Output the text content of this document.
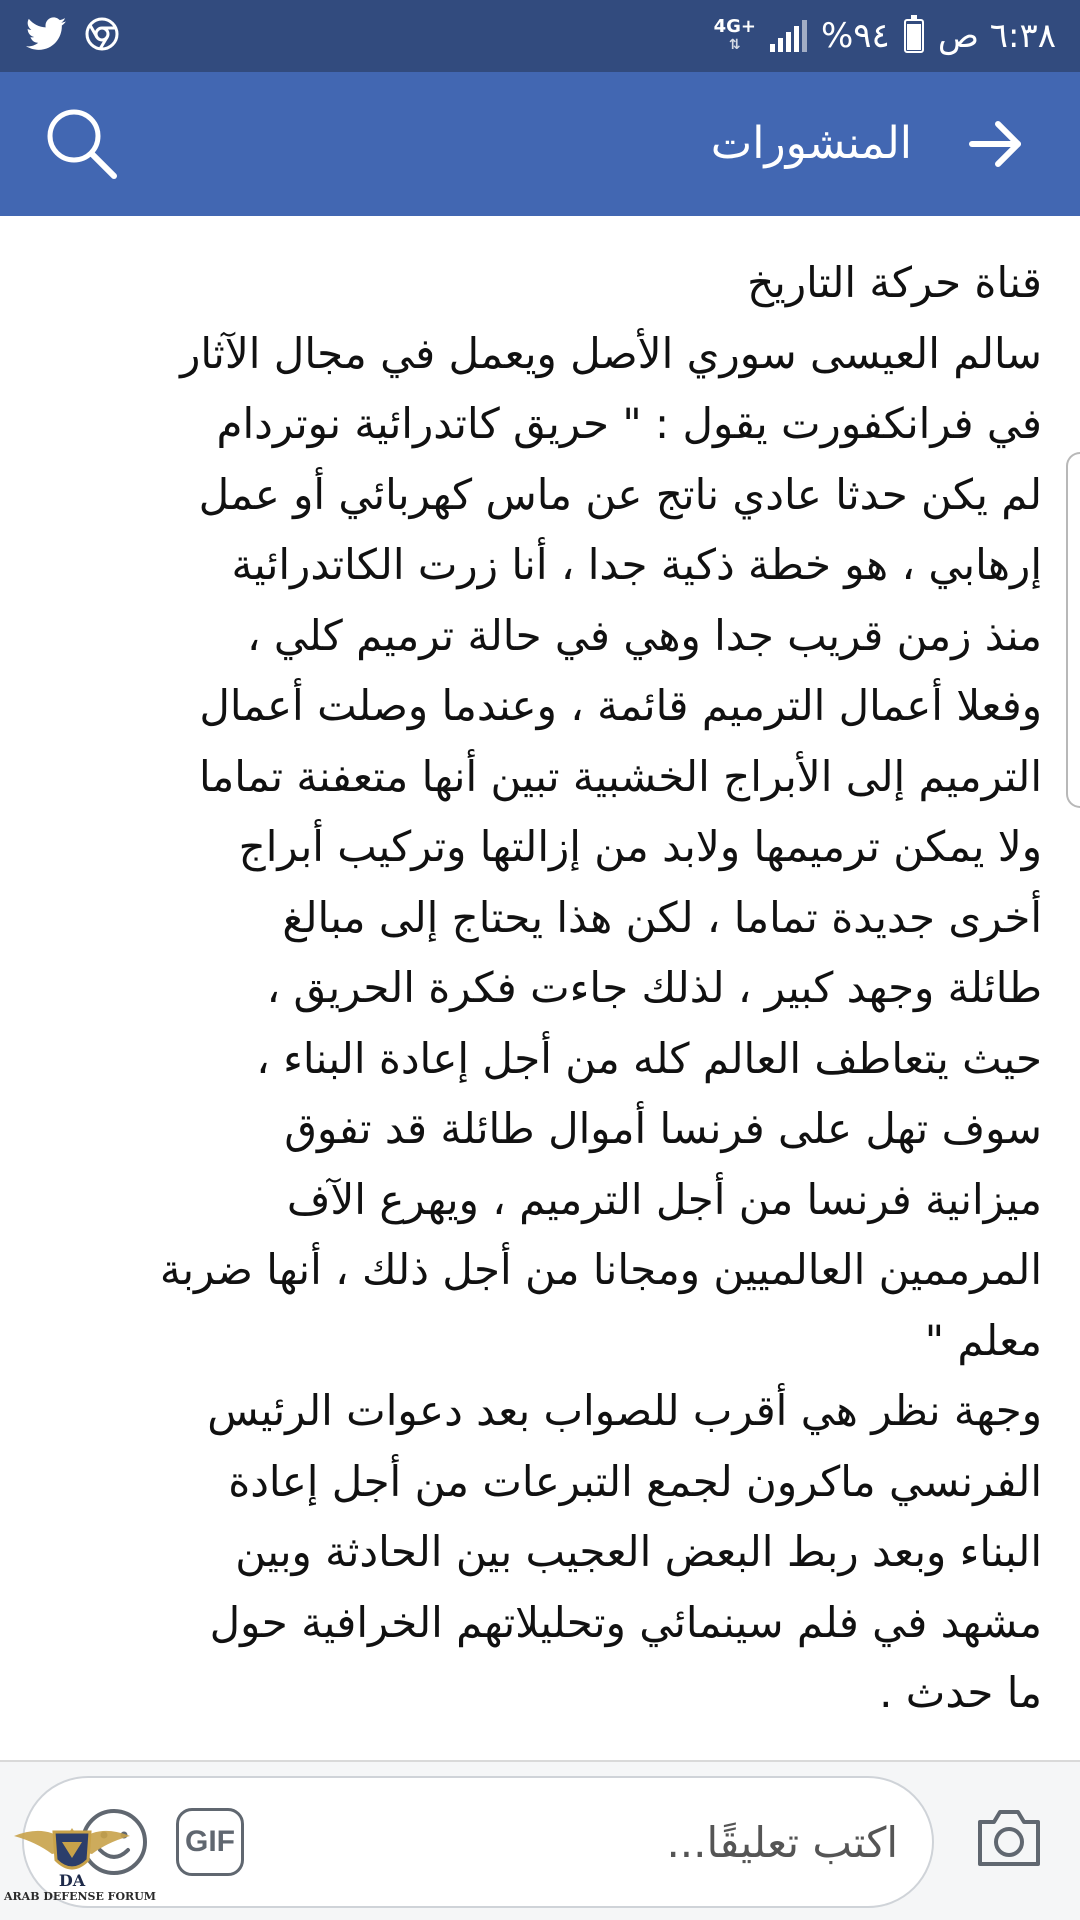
4G+
⇅ %٩٤ ٦:٣٨ ص
المنشورات
قناة حركة التاريخ
سالم العيسى سوري الأصل ويعمل في مجال الآثار
في فرانكفورت يقول : " حريق كاتدرائية نوتردام
لم يكن حدثا عادي ناتج عن ماس كهربائي أو عمل
إرهابي ، هو خطة ذكية جدا ، أنا زرت الكاتدرائية
منذ زمن قريب جدا وهي في حالة ترميم كلي ،
وفعلا أعمال الترميم قائمة ، وعندما وصلت أعمال
الترميم إلى الأبراج الخشبية تبين أنها متعفنة تماما
ولا يمكن ترميمها ولابد من إزالتها وتركيب أبراج
أخرى جديدة تماما ، لكن هذا يحتاج إلى مبالغ
طائلة وجهد كبير ، لذلك جاءت فكرة الحريق ،
حيث يتعاطف العالم كله من أجل إعادة البناء ،
سوف تهل على فرنسا أموال طائلة قد تفوق
ميزانية فرنسا من أجل الترميم ، ويهرع الآف
المرممين العالميين ومجانا من أجل ذلك ، أنها ضربة
معلم "
وجهة نظر هي أقرب للصواب بعد دعوات الرئيس
الفرنسي ماكرون لجمع التبرعات من أجل إعادة
البناء وبعد ربط البعض العجيب بين الحادثة وبين
مشهد في فلم سينمائي وتحليلاتهم الخرافية حول
ما حدث .
اكتب تعليقًا...
GIF
DA
ARAB DEFENSE FORUM
